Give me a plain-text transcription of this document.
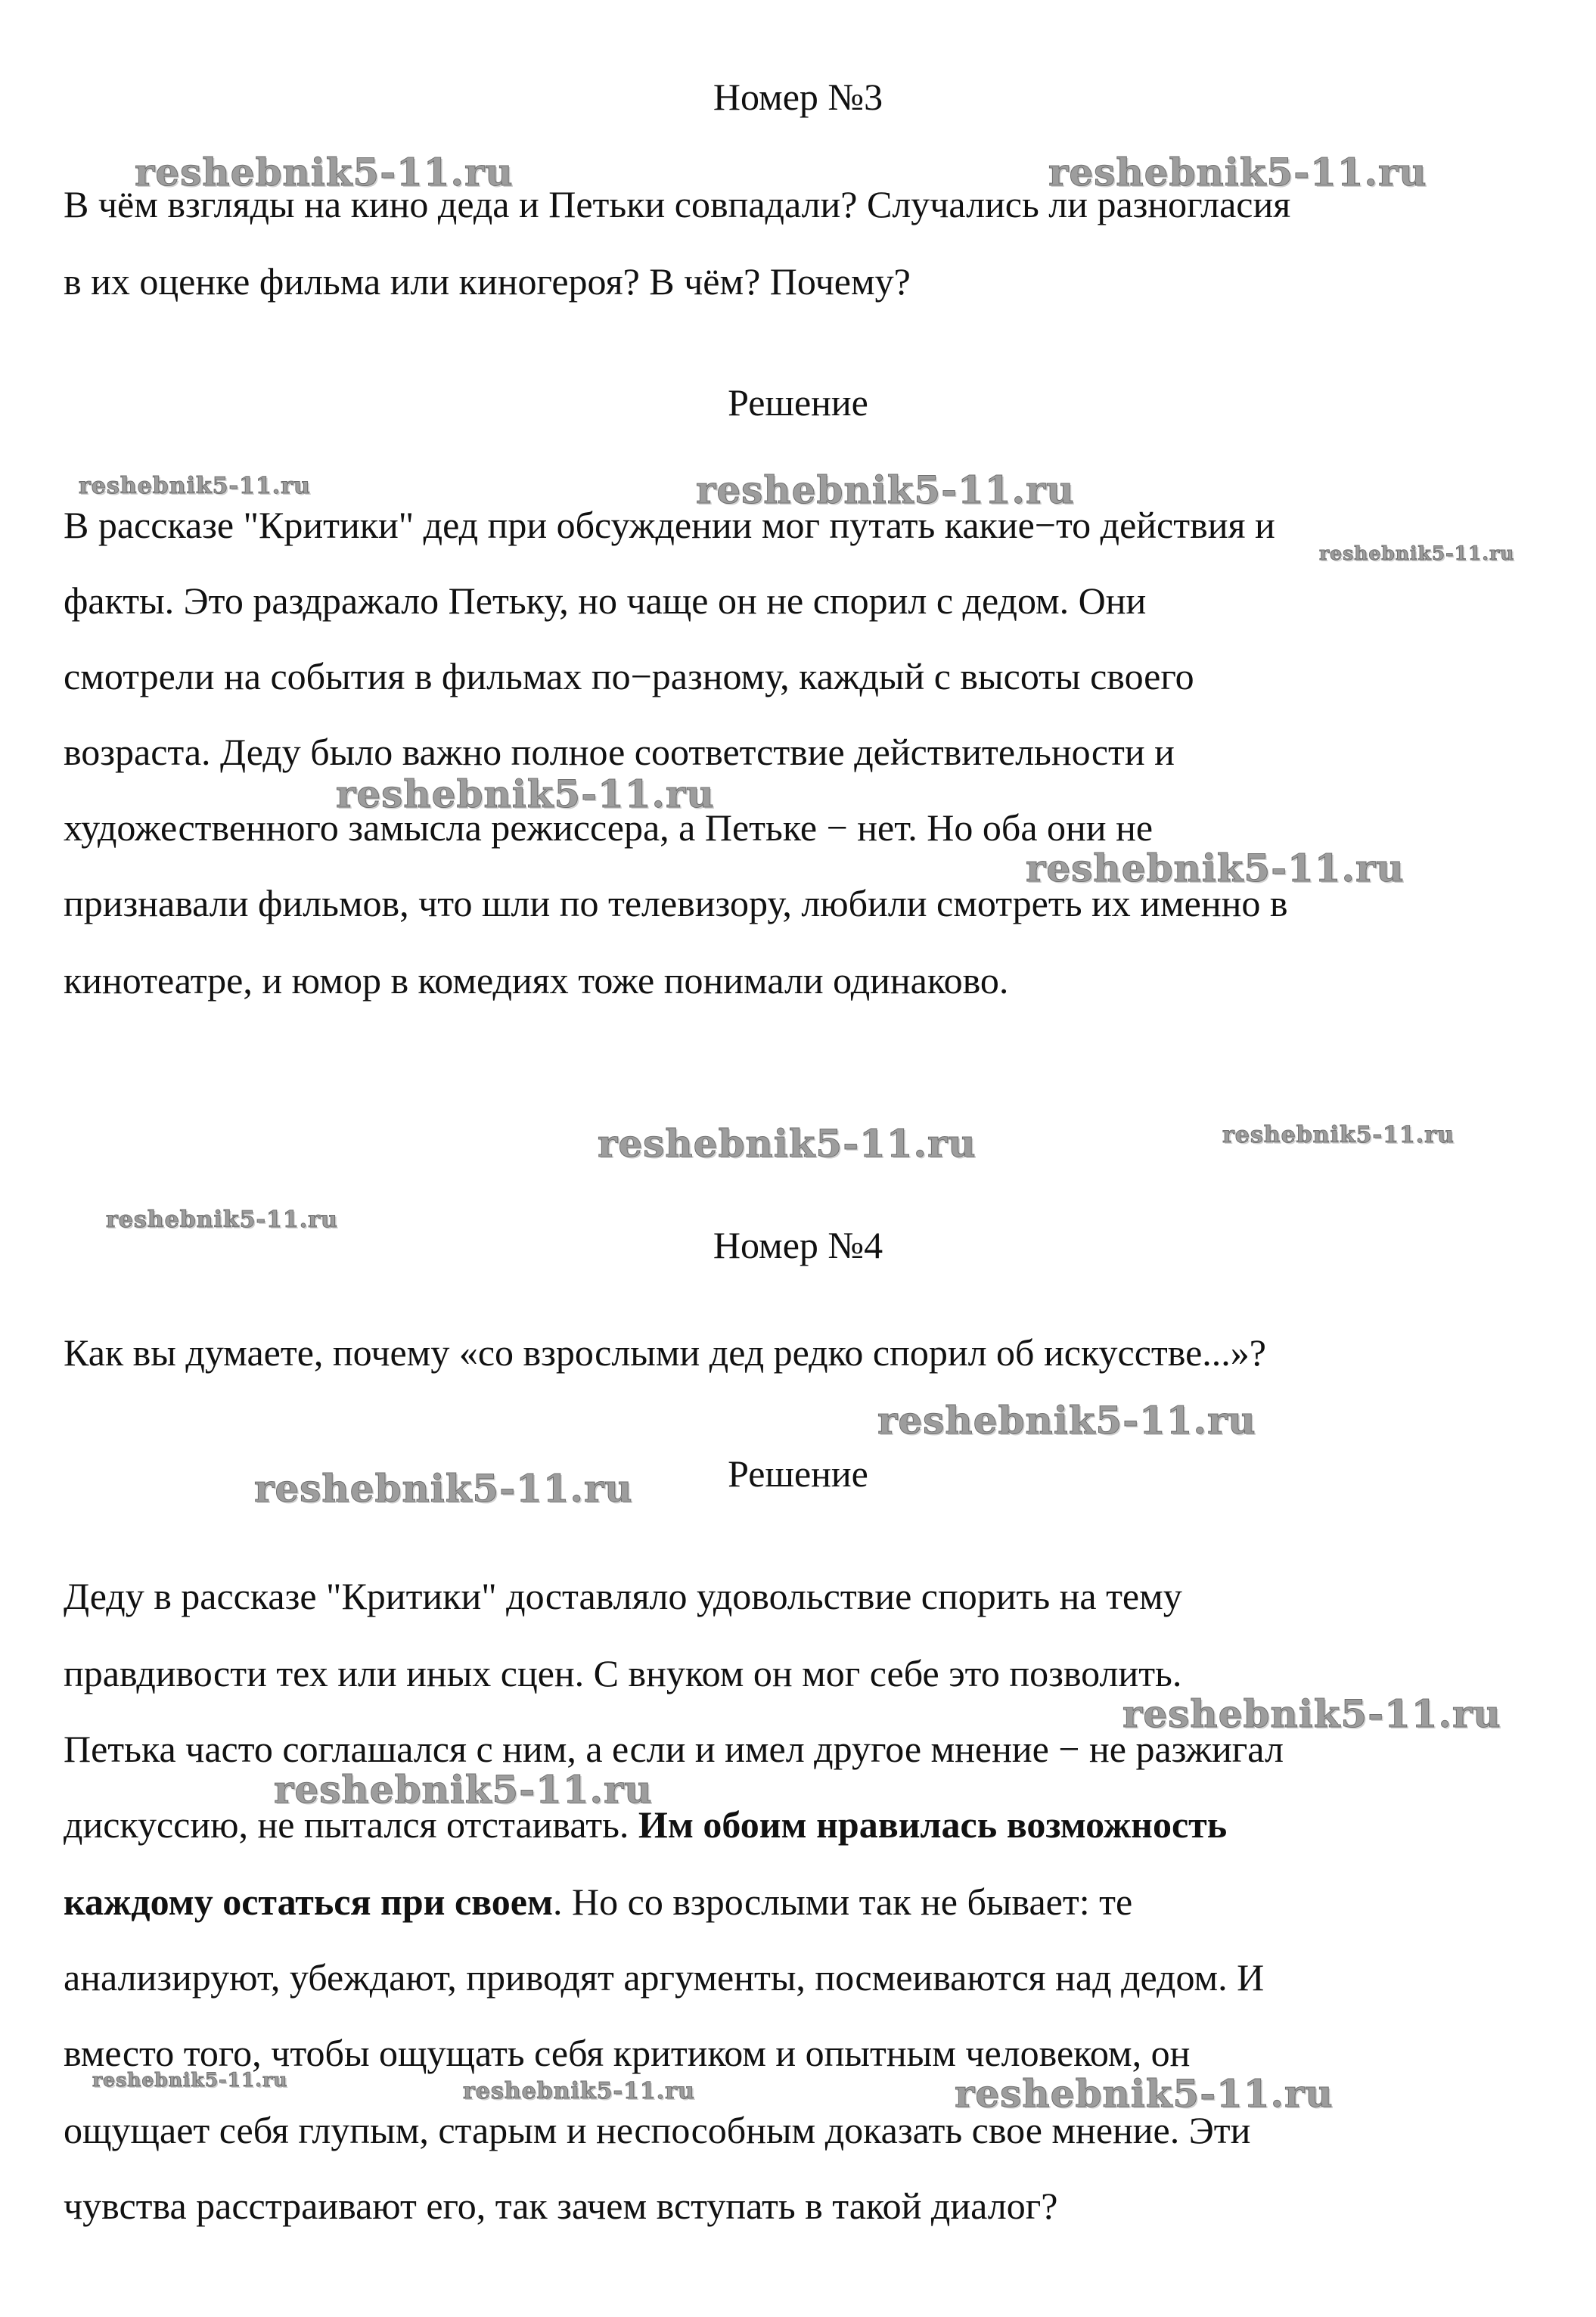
Номер №3

В чём взгляды на кино деда и Петьки совпадали? Случались ли разногласия

в их оценке фильма или киногероя? В чём? Почему?

Решение

В рассказе "Критики" дед при обсуждении мог путать какие−то действия и

факты. Это раздражало Петьку, но чаще он не спорил с дедом. Они

смотрели на события в фильмах по−разному, каждый с высоты своего

возраста. Деду было важно полное соответствие действительности и

художественного замысла режиссера, а Петьке − нет. Но оба они не

признавали фильмов, что шли по телевизору, любили смотреть их именно в

кинотеатре, и юмор в комедиях тоже понимали одинаково.

Номер №4

Как вы думаете, почему «со взрослыми дед редко спорил об искусстве...»?

Решение

Деду в рассказе "Критики" доставляло удовольствие спорить на тему

правдивости тех или иных сцен. С внуком он мог себе это позволить.

Петька часто соглашался с ним, а если и имел другое мнение − не разжигал

дискуссию, не пытался отстаивать. Им обоим нравилась возможность

каждому остаться при своем. Но со взрослыми так не бывает: те

анализируют, убеждают, приводят аргументы, посмеиваются над дедом. И

вместо того, чтобы ощущать себя критиком и опытным человеком, он

ощущает себя глупым, старым и неспособным доказать свое мнение. Эти

чувства расстраивают его, так зачем вступать в такой диалог?

reshebnik5-11.ru	reshebnik5-11.ru
reshebnik5-11.ru	reshebnik5-11.ru
reshebnik5-11.ru
reshebnik5-11.ru
reshebnik5-11.ru
reshebnik5-11.ru	reshebnik5-11.ru
reshebnik5-11.ru
reshebnik5-11.ru
reshebnik5-11.ru
reshebnik5-11.ru
reshebnik5-11.ru
reshebnik5-11.ru	reshebnik5-11.ru	reshebnik5-11.ru
